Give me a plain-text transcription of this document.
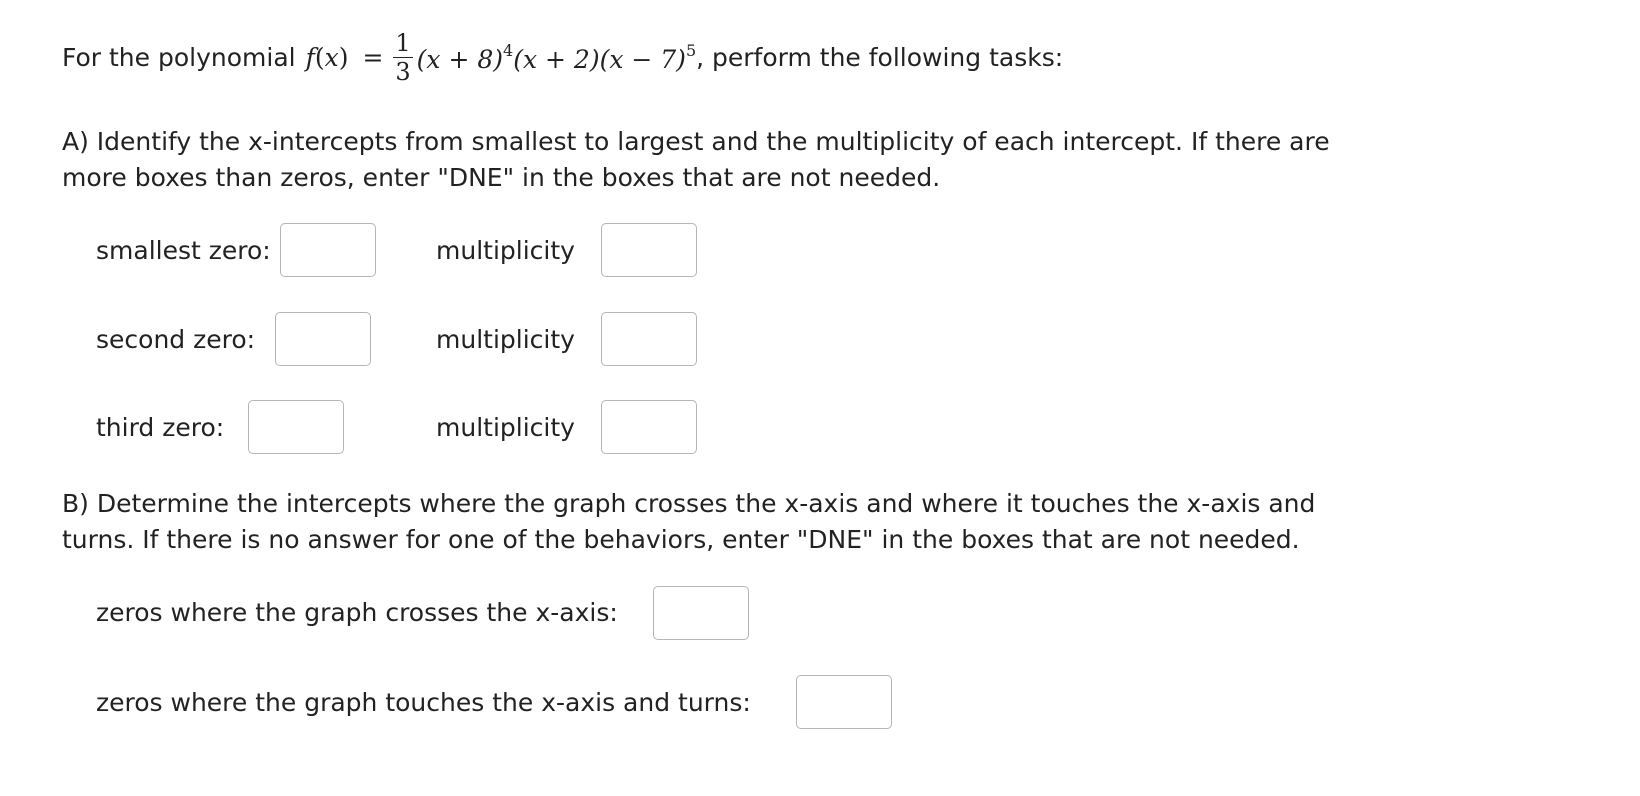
For the polynomial $f(x) = \frac{1}{3} (x + 8)^4(x + 2)(x - 7)^5$ , perform the following tasks:
A) Identify the x-intercepts from smallest to largest and the multiplicity of each intercept. If there are
more boxes than zeros, enter "DNE" in the boxes that are not needed.
smallest zero:	multiplicity
second zero:	multiplicity
third zero:	multiplicity
B) Determine the intercepts where the graph crosses the x-axis and where it touches the x-axis and
turns. If there is no answer for one of the behaviors, enter "DNE" in the boxes that are not needed.
zeros where the graph crosses the x-axis:
zeros where the graph touches the x-axis and turns:
